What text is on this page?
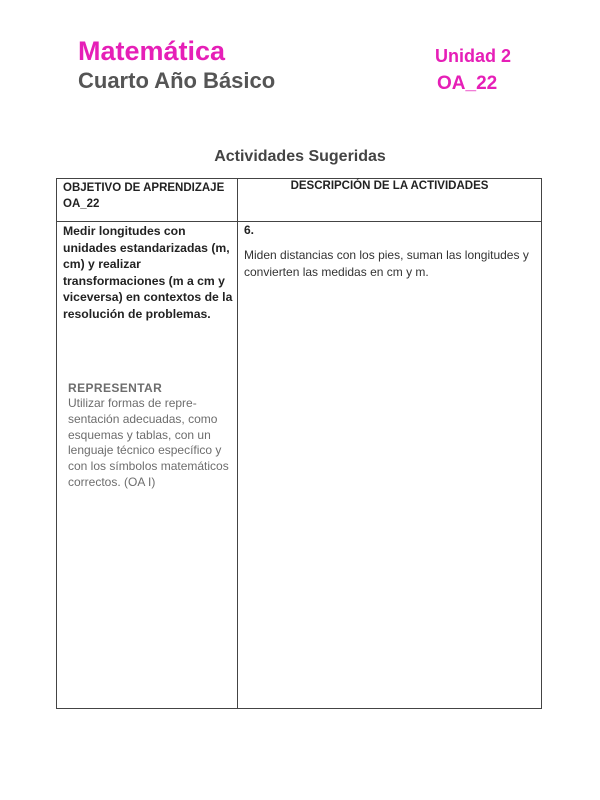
Matemática
Cuarto Año Básico
Unidad 2
OA_22
Actividades Sugeridas
OBJETIVO DE APRENDIZAJE OA_22
DESCRIPCIÓN DE LA ACTIVIDADES
Medir longitudes con unidades estandarizadas (m, cm) y realizar transformaciones (m a cm y viceversa) en contextos de la resolución de problemas.
REPRESENTAR
Utilizar formas de repre-sentación adecuadas, como esquemas y tablas, con un lenguaje técnico específico y con los símbolos matemáticos correctos. (OA I)
6.
Miden distancias con los pies, suman las longitudes y convierten las medidas en cm y m.
